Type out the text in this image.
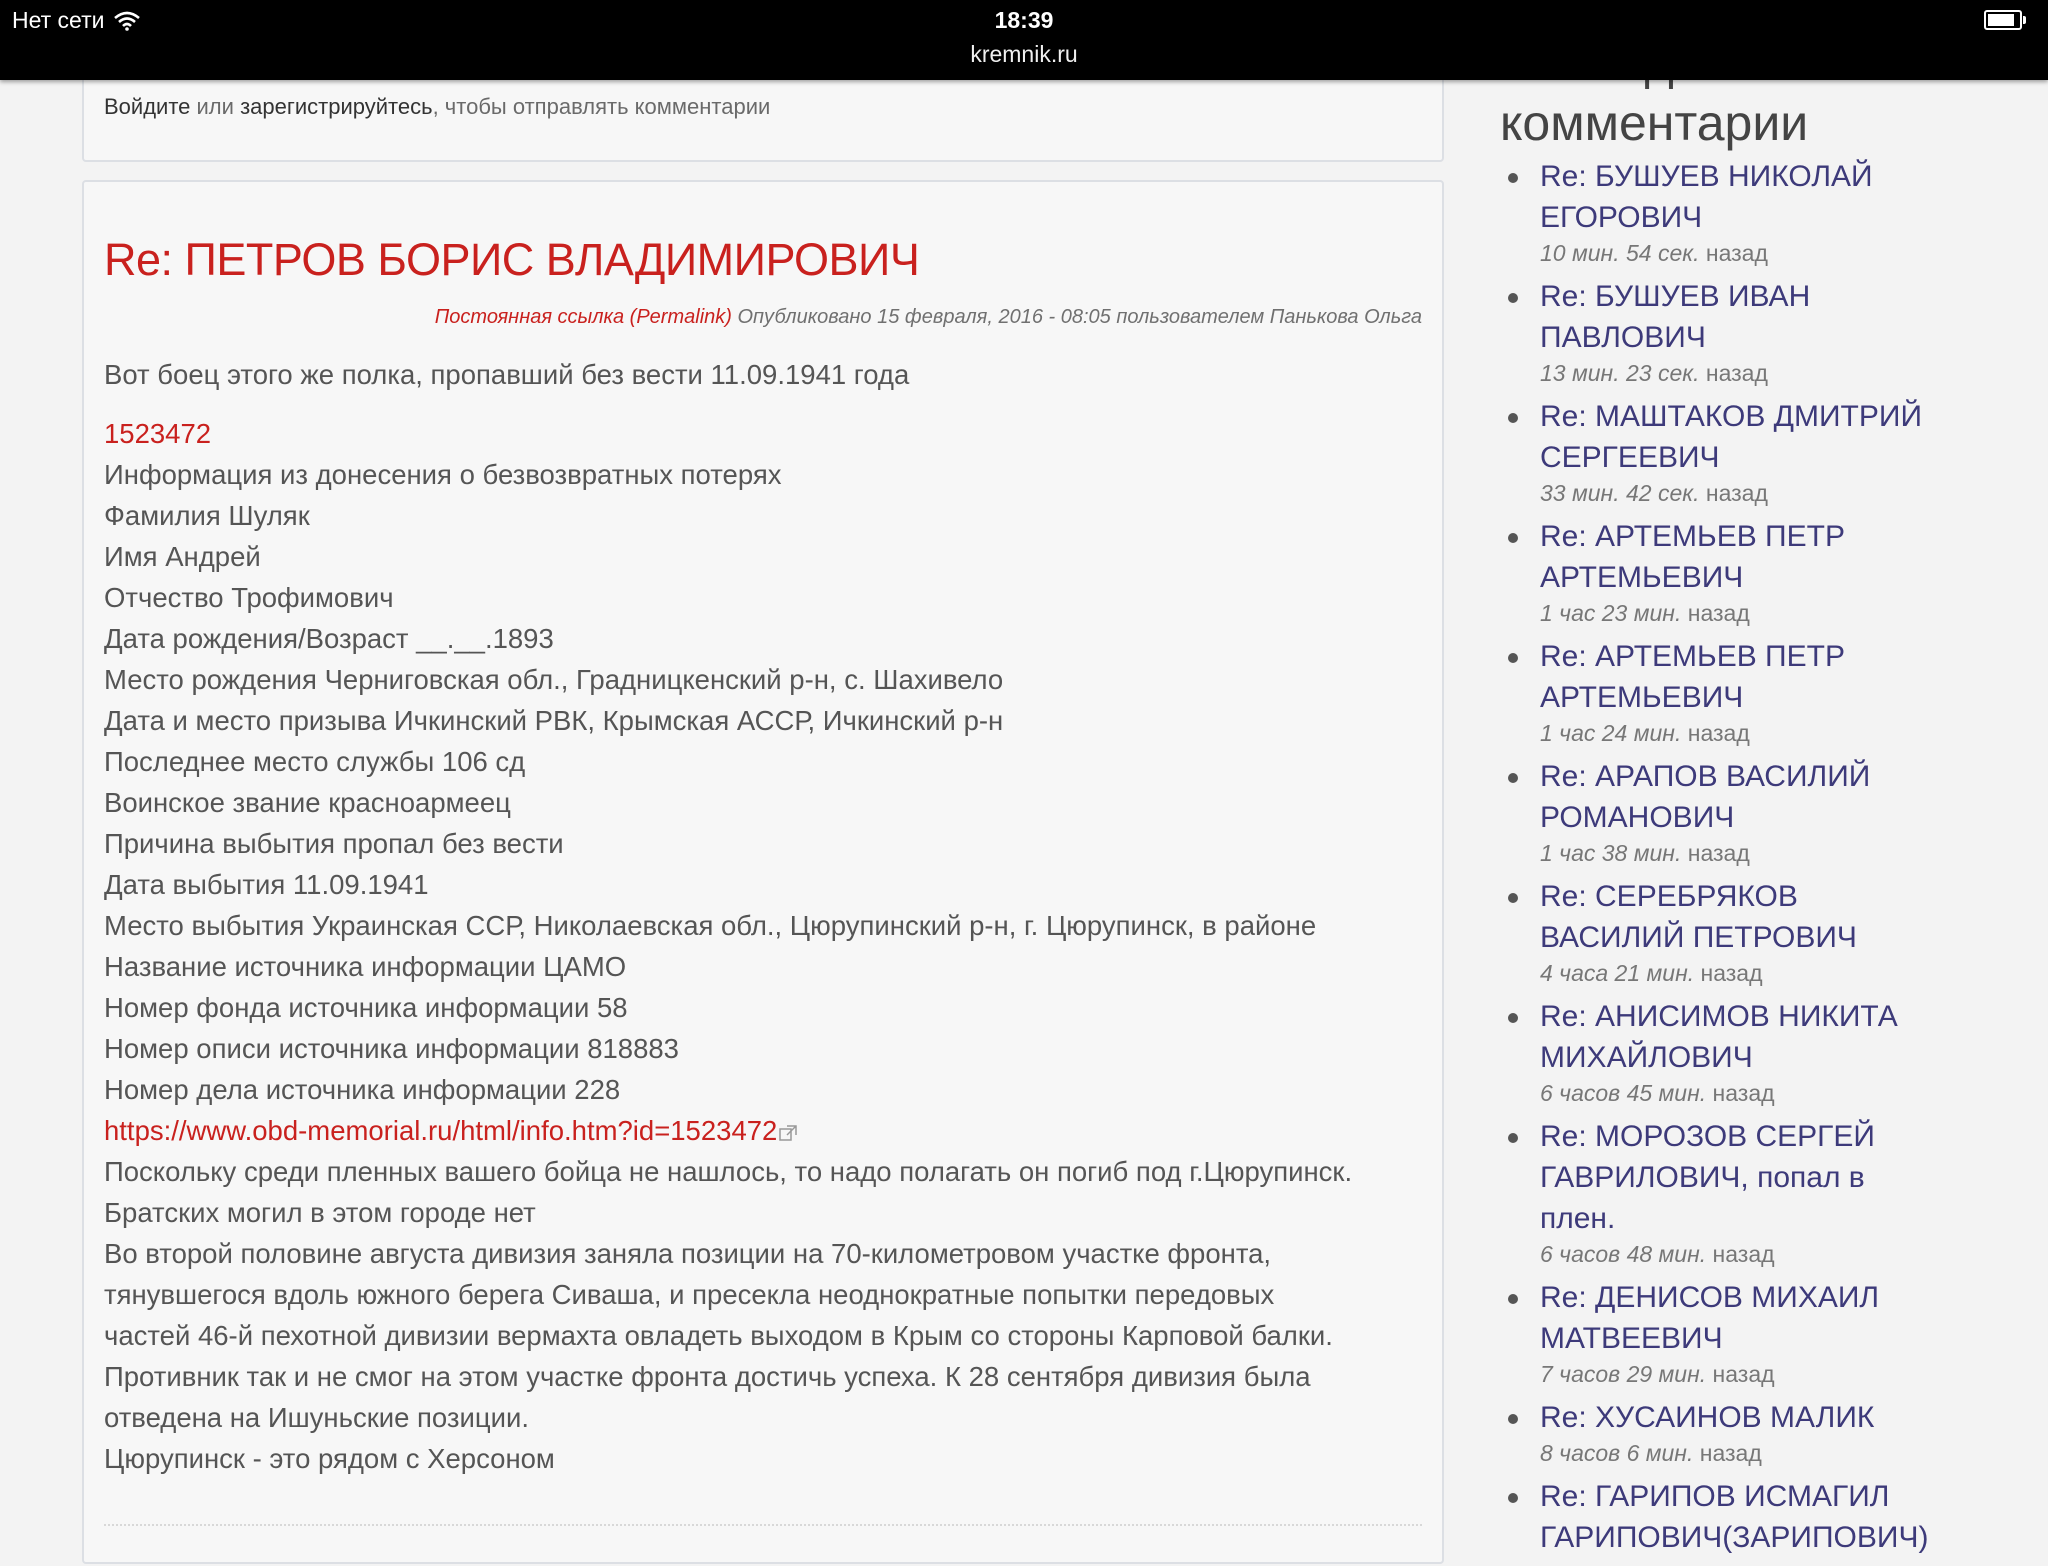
Нет сети	18:39
kremnik.ru
Войдите или зарегистрируйтесь, чтобы отправлять комментарии
Re: ПЕТРОВ БОРИС ВЛАДИМИРОВИЧ
Постоянная ссылка (Permalink) Опубликовано 15 февраля, 2016 - 08:05 пользователем Панькова Ольга

Вот боец этого же полка, пропавший без вести 11.09.1941 года

1523472

Информация из донесения о безвозвратных потерях

Фамилия Шуляк

Имя Андрей

Отчество Трофимович

Дата рождения/Возраст __.__.1893

Место рождения Черниговская обл., Градницкенский р-н, с. Шахивело

Дата и место призыва Ичкинский РВК, Крымская АССР, Ичкинский р-н

Последнее место службы 106 сд

Воинское звание красноармеец

Причина выбытия пропал без вести

Дата выбытия 11.09.1941

Место выбытия Украинская ССР, Николаевская обл., Цюрупинский р-н, г. Цюрупинск, в районе

Название источника информации ЦАМО

Номер фонда источника информации 58

Номер описи источника информации 818883

Номер дела источника информации 228

https://www.obd-memorial.ru/html/info.htm?id=1523472

Поскольку среди пленных вашего бойца не нашлось, то надо полагать он погиб под г.Цюрупинск.

Братских могил в этом городе нет

Во второй половине августа дивизия заняла позиции на 70-километровом участке фронта,

тянувшегося вдоль южного берега Сиваша, и пресекла неоднократные попытки передовых

частей 46-й пехотной дивизии вермахта овладеть выходом в Крым со стороны Карповой балки.

Противник так и не смог на этом участке фронта достичь успеха. К 28 сентября дивизия была

отведена на Ишуньские позиции.

Цюрупинск - это рядом с Херсоном

комментарии
Re: БУШУЕВ НИКОЛАЙ
ЕГОРОВИЧ
10 мин. 54 сек. назад
Re: БУШУЕВ ИВАН
ПАВЛОВИЧ
13 мин. 23 сек. назад
Re: МАШТАКОВ ДМИТРИЙ
СЕРГЕЕВИЧ
33 мин. 42 сек. назад
Re: АРТЕМЬЕВ ПЕТР
АРТЕМЬЕВИЧ
1 час 23 мин. назад
Re: АРТЕМЬЕВ ПЕТР
АРТЕМЬЕВИЧ
1 час 24 мин. назад
Re: АРАПОВ ВАСИЛИЙ
РОМАНОВИЧ
1 час 38 мин. назад
Re: СЕРЕБРЯКОВ
ВАСИЛИЙ ПЕТРОВИЧ
4 часа 21 мин. назад
Re: АНИСИМОВ НИКИТА
МИХАЙЛОВИЧ
6 часов 45 мин. назад
Re: МОРОЗОВ СЕРГЕЙ
ГАВРИЛОВИЧ, попал в
плен.
6 часов 48 мин. назад
Re: ДЕНИСОВ МИХАИЛ
МАТВЕЕВИЧ
7 часов 29 мин. назад
Re: ХУСАИНОВ МАЛИК
8 часов 6 мин. назад
Re: ГАРИПОВ ИСМАГИЛ
ГАРИПОВИЧ(ЗАРИПОВИЧ)
